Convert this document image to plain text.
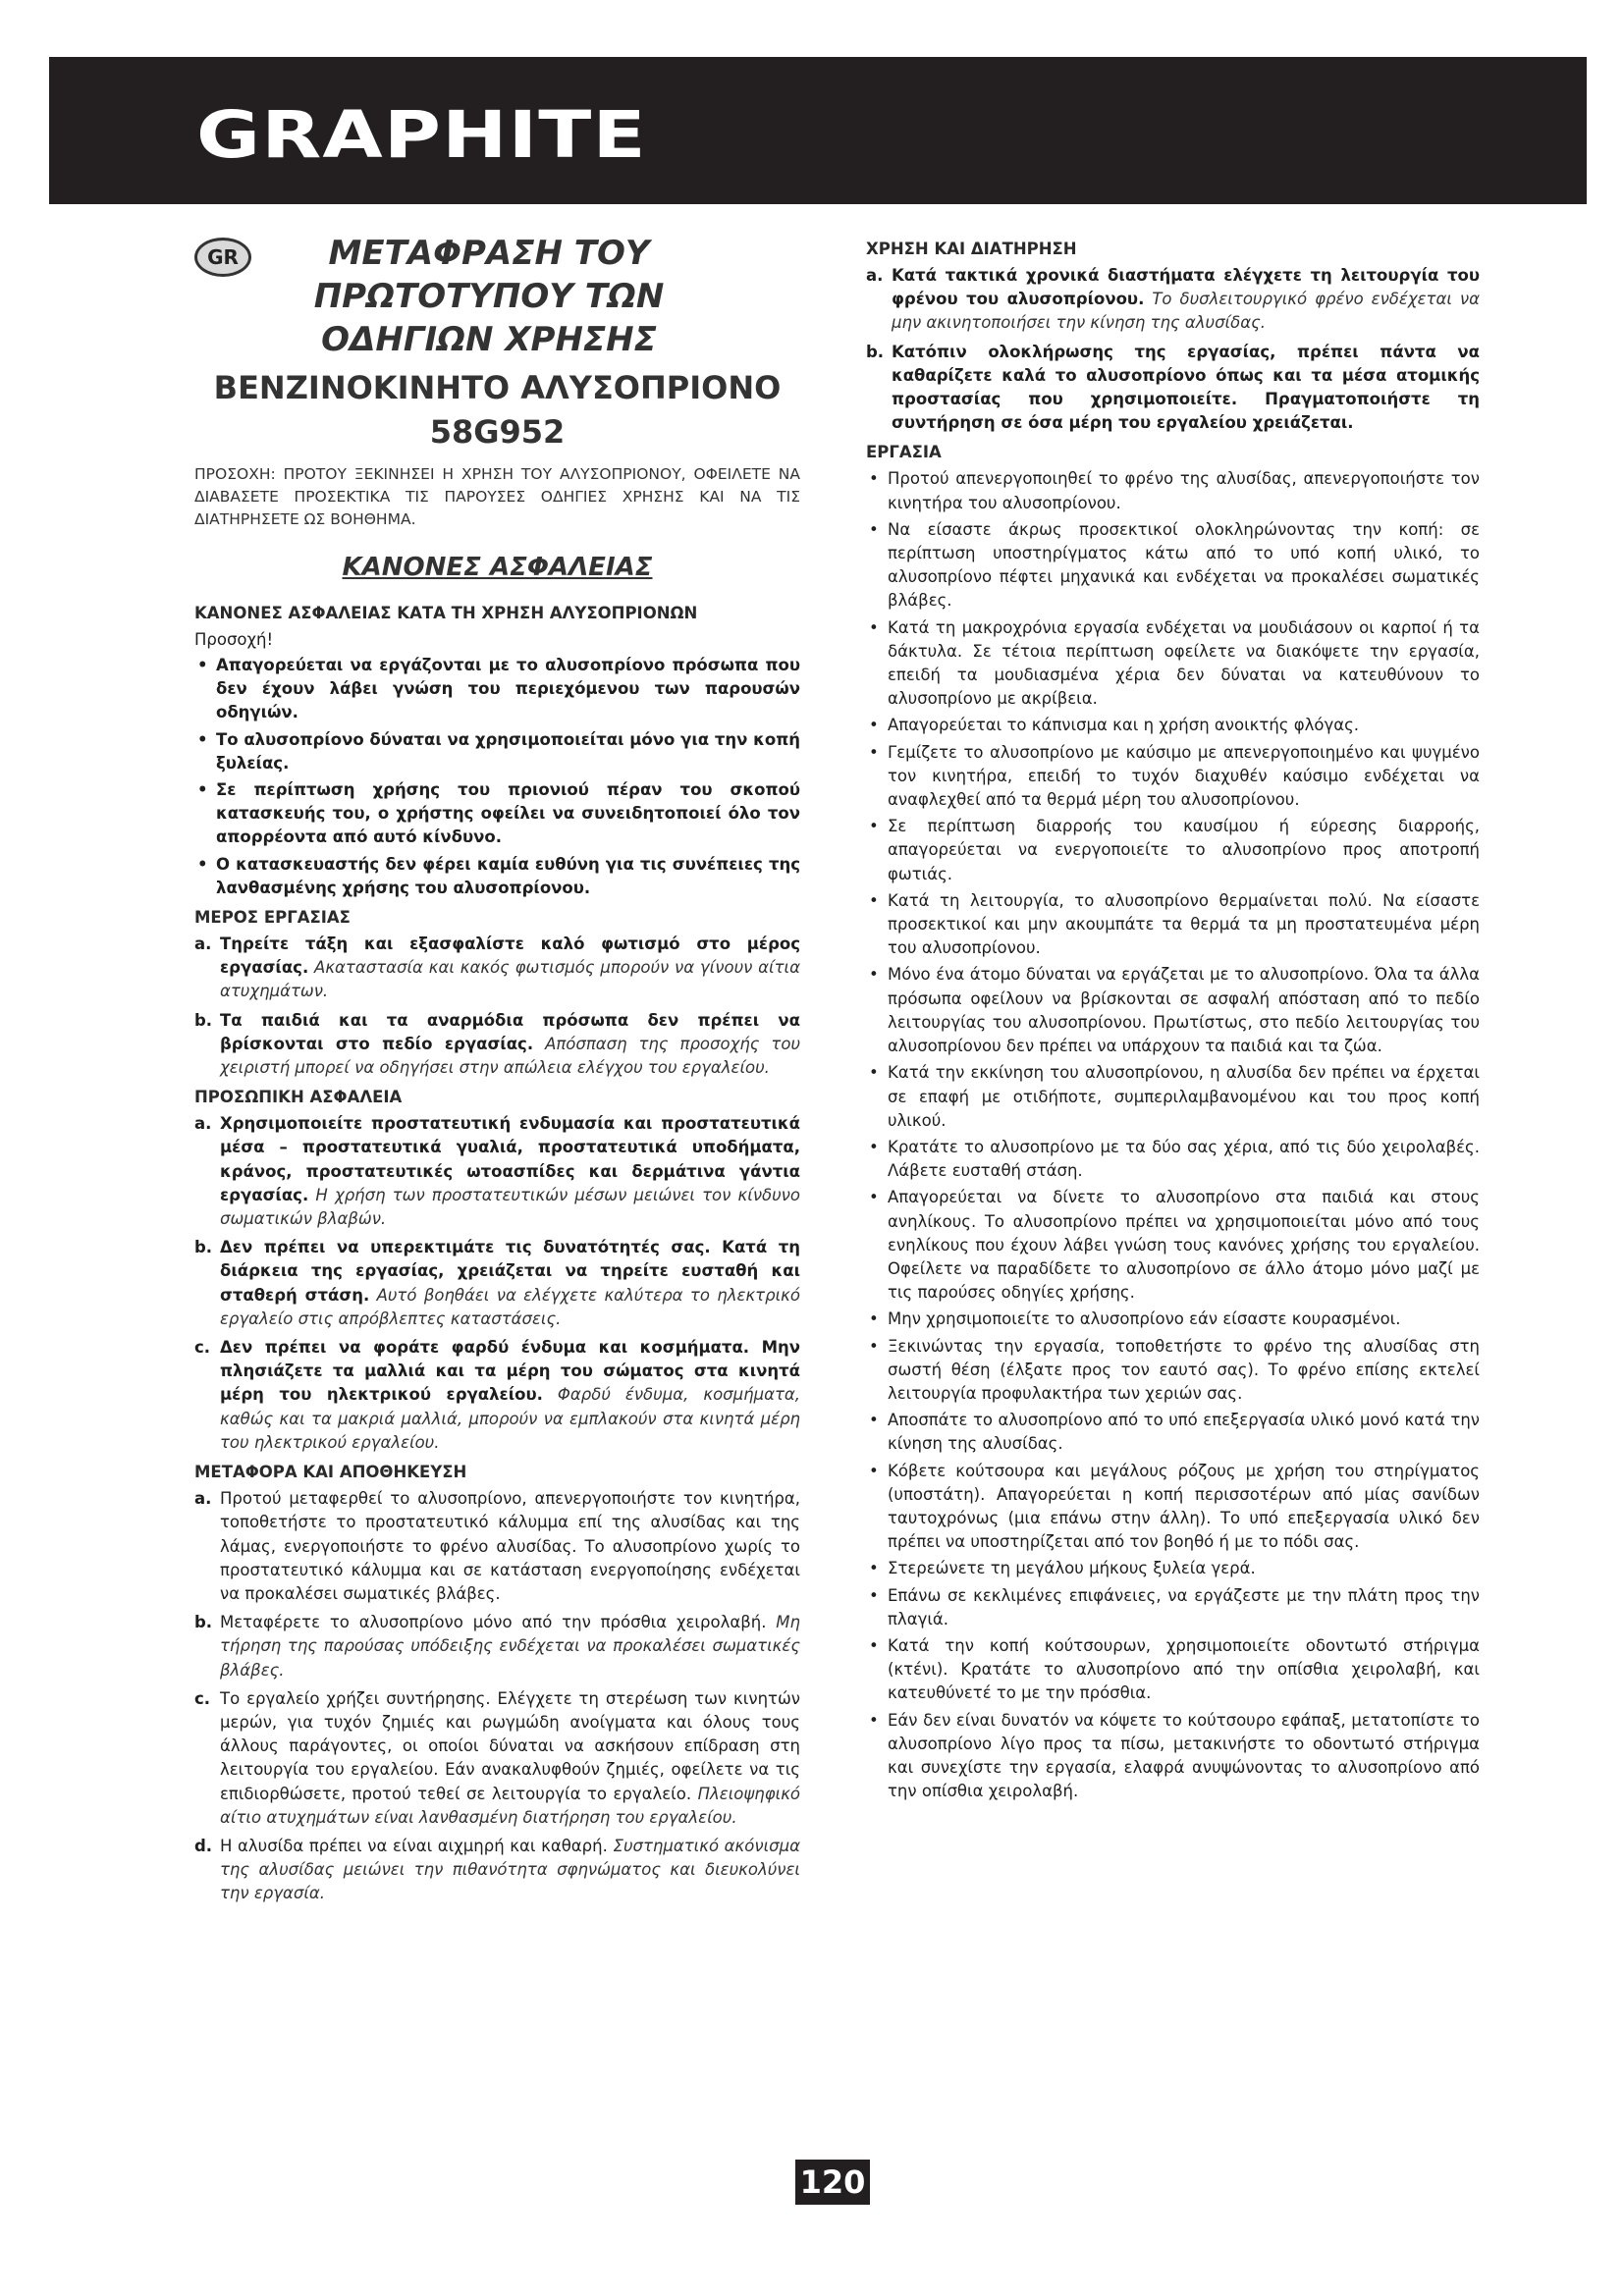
GRAPHITE
GR	ΜΕΤΑΦΡΑΣΗ ΤΟΥ
ΠΡΩΤΟΤΥΠΟΥ ΤΩΝ
ΟΔΗΓΙΩΝ ΧΡΗΣΗΣ
ΒΕΝΖΙΝΟΚΙΝΗΤΟ ΑΛΥΣΟΠΡΙΟΝΟ
58G952
ΠΡΟΣΟΧΗ: ΠΡΟΤΟΥ ΞΕΚΙΝΗΣΕΙ Η ΧΡΗΣΗ ΤΟΥ ΑΛΥΣΟΠΡΙΟΝΟΥ, ΟΦΕΙΛΕΤΕ ΝΑ ΔΙΑΒΑΣΕΤΕ ΠΡΟΣΕΚΤΙΚΑ ΤΙΣ ΠΑΡΟΥΣΕΣ ΟΔΗΓΙΕΣ ΧΡΗΣΗΣ ΚΑΙ ΝΑ ΤΙΣ ΔΙΑΤΗΡΗΣΕΤΕ ΩΣ ΒΟΗΘΗΜΑ.
ΚΑΝΟΝΕΣ ΑΣΦΑΛΕΙΑΣ
ΚΑΝΟΝΕΣ ΑΣΦΑΛΕΙΑΣ ΚΑΤΑ ΤΗ ΧΡΗΣΗ ΑΛΥΣΟΠΡΙΟΝΩΝ
Προσοχή!
• Απαγορεύεται να εργάζονται με το αλυσοπρίονο πρόσωπα που δεν έχουν λάβει γνώση του περιεχόμενου των παρουσών οδηγιών.
• Το αλυσοπρίονο δύναται να χρησιμοποιείται μόνο για την κοπή ξυλείας.
• Σε περίπτωση χρήσης του πριονιού πέραν του σκοπού κατασκευής του, ο χρήστης οφείλει να συνειδητοποιεί όλο τον απορρέοντα από αυτό κίνδυνο.
• Ο κατασκευαστής δεν φέρει καμία ευθύνη για τις συνέπειες της λανθασμένης χρήσης του αλυσοπρίονου.
ΜΕΡΟΣ ΕΡΓΑΣΙΑΣ
a. Τηρείτε τάξη και εξασφαλίστε καλό φωτισμό στο μέρος εργασίας. Ακαταστασία και κακός φωτισμός μπορούν να γίνουν αίτια ατυχημάτων.
b. Τα παιδιά και τα αναρμόδια πρόσωπα δεν πρέπει να βρίσκονται στο πεδίο εργασίας. Απόσπαση της προσοχής του χειριστή μπορεί να οδηγήσει στην απώλεια ελέγχου του εργαλείου.
ΠΡΟΣΩΠΙΚΗ ΑΣΦΑΛΕΙΑ
a. Χρησιμοποιείτε προστατευτική ενδυμασία και προστατευτικά μέσα – προστατευτικά γυαλιά, προστατευτικά υποδήματα, κράνος, προστατευτικές ωτοασπίδες και δερμάτινα γάντια εργασίας. Η χρήση των προστατευτικών μέσων μειώνει τον κίνδυνο σωματικών βλαβών.
b. Δεν πρέπει να υπερεκτιμάτε τις δυνατότητές σας. Κατά τη διάρκεια της εργασίας, χρειάζεται να τηρείτε ευσταθή και σταθερή στάση. Αυτό βοηθάει να ελέγχετε καλύτερα το ηλεκτρικό εργαλείο στις απρόβλεπτες καταστάσεις.
c. Δεν πρέπει να φοράτε φαρδύ ένδυμα και κοσμήματα. Μην πλησιάζετε τα μαλλιά και τα μέρη του σώματος στα κινητά μέρη του ηλεκτρικού εργαλείου. Φαρδύ ένδυμα, κοσμήματα, καθώς και τα μακριά μαλλιά, μπορούν να εμπλακούν στα κινητά μέρη του ηλεκτρικού εργαλείου.
ΜΕΤΑΦΟΡΑ ΚΑΙ ΑΠΟΘΗΚΕΥΣΗ
a. Προτού μεταφερθεί το αλυσοπρίονο, απενεργοποιήστε τον κινητήρα, τοποθετήστε το προστατευτικό κάλυμμα επί της αλυσίδας και της λάμας, ενεργοποιήστε το φρένο αλυσίδας. Το αλυσοπρίονο χωρίς το προστατευτικό κάλυμμα και σε κατάσταση ενεργοποίησης ενδέχεται να προκαλέσει σωματικές βλάβες.
b. Μεταφέρετε το αλυσοπρίονο μόνο από την πρόσθια χειρολαβή. Μη τήρηση της παρούσας υπόδειξης ενδέχεται να προκαλέσει σωματικές βλάβες.
c. Το εργαλείο χρήζει συντήρησης. Ελέγχετε τη στερέωση των κινητών μερών, για τυχόν ζημιές και ρωγμώδη ανοίγματα και όλους τους άλλους παράγοντες, οι οποίοι δύναται να ασκήσουν επίδραση στη λειτουργία του εργαλείου. Εάν ανακαλυφθούν ζημιές, οφείλετε να τις επιδιορθώσετε, προτού τεθεί σε λειτουργία το εργαλείο. Πλειοψηφικό αίτιο ατυχημάτων είναι λανθασμένη διατήρηση του εργαλείου.
d. Η αλυσίδα πρέπει να είναι αιχμηρή και καθαρή. Συστηματικό ακόνισμα της αλυσίδας μειώνει την πιθανότητα σφηνώματος και διευκολύνει την εργασία.
ΧΡΗΣΗ ΚΑΙ ΔΙΑΤΗΡΗΣΗ
a. Κατά τακτικά χρονικά διαστήματα ελέγχετε τη λειτουργία του φρένου του αλυσοπρίονου. Το δυσλειτουργικό φρένο ενδέχεται να μην ακινητοποιήσει την κίνηση της αλυσίδας.
b. Κατόπιν ολοκλήρωσης της εργασίας, πρέπει πάντα να καθαρίζετε καλά το αλυσοπρίονο όπως και τα μέσα ατομικής προστασίας που χρησιμοποιείτε. Πραγματοποιήστε τη συντήρηση σε όσα μέρη του εργαλείου χρειάζεται.
ΕΡΓΑΣΙΑ
• Προτού απενεργοποιηθεί το φρένο της αλυσίδας, απενεργοποιήστε τον κινητήρα του αλυσοπρίονου.
• Να είσαστε άκρως προσεκτικοί ολοκληρώνοντας την κοπή: σε περίπτωση υποστηρίγματος κάτω από το υπό κοπή υλικό, το αλυσοπρίονο πέφτει μηχανικά και ενδέχεται να προκαλέσει σωματικές βλάβες.
• Κατά τη μακροχρόνια εργασία ενδέχεται να μουδιάσουν οι καρποί ή τα δάκτυλα. Σε τέτοια περίπτωση οφείλετε να διακόψετε την εργασία, επειδή τα μουδιασμένα χέρια δεν δύναται να κατευθύνουν το αλυσοπρίονο με ακρίβεια.
• Απαγορεύεται το κάπνισμα και η χρήση ανοικτής φλόγας.
• Γεμίζετε το αλυσοπρίονο με καύσιμο με απενεργοποιημένο και ψυγμένο τον κινητήρα, επειδή το τυχόν διαχυθέν καύσιμο ενδέχεται να αναφλεχθεί από τα θερμά μέρη του αλυσοπρίονου.
• Σε περίπτωση διαρροής του καυσίμου ή εύρεσης διαρροής, απαγορεύεται να ενεργοποιείτε το αλυσοπρίονο προς αποτροπή φωτιάς.
• Κατά τη λειτουργία, το αλυσοπρίονο θερμαίνεται πολύ. Να είσαστε προσεκτικοί και μην ακουμπάτε τα θερμά τα μη προστατευμένα μέρη του αλυσοπρίονου.
• Μόνο ένα άτομο δύναται να εργάζεται με το αλυσοπρίονο. Όλα τα άλλα πρόσωπα οφείλουν να βρίσκονται σε ασφαλή απόσταση από το πεδίο λειτουργίας του αλυσοπρίονου. Πρωτίστως, στο πεδίο λειτουργίας του αλυσοπρίονου δεν πρέπει να υπάρχουν τα παιδιά και τα ζώα.
• Κατά την εκκίνηση του αλυσοπρίονου, η αλυσίδα δεν πρέπει να έρχεται σε επαφή με οτιδήποτε, συμπεριλαμβανομένου και του προς κοπή υλικού.
• Κρατάτε το αλυσοπρίονο με τα δύο σας χέρια, από τις δύο χειρολαβές. Λάβετε ευσταθή στάση.
• Απαγορεύεται να δίνετε το αλυσοπρίονο στα παιδιά και στους ανηλίκους. Το αλυσοπρίονο πρέπει να χρησιμοποιείται μόνο από τους ενηλίκους που έχουν λάβει γνώση τους κανόνες χρήσης του εργαλείου. Οφείλετε να παραδίδετε το αλυσοπρίονο σε άλλο άτομο μόνο μαζί με τις παρούσες οδηγίες χρήσης.
• Μην χρησιμοποιείτε το αλυσοπρίονο εάν είσαστε κουρασμένοι.
• Ξεκινώντας την εργασία, τοποθετήστε το φρένο της αλυσίδας στη σωστή θέση (έλξατε προς τον εαυτό σας). Το φρένο επίσης εκτελεί λειτουργία προφυλακτήρα των χεριών σας.
• Αποσπάτε το αλυσοπρίονο από το υπό επεξεργασία υλικό μονό κατά την κίνηση της αλυσίδας.
• Κόβετε κούτσουρα και μεγάλους ρόζους με χρήση του στηρίγματος (υποστάτη). Απαγορεύεται η κοπή περισσοτέρων από μίας σανίδων ταυτοχρόνως (μια επάνω στην άλλη). Το υπό επεξεργασία υλικό δεν πρέπει να υποστηρίζεται από τον βοηθό ή με το πόδι σας.
• Στερεώνετε τη μεγάλου μήκους ξυλεία γερά.
• Επάνω σε κεκλιμένες επιφάνειες, να εργάζεστε με την πλάτη προς την πλαγιά.
• Κατά την κοπή κούτσουρων, χρησιμοποιείτε οδοντωτό στήριγμα (κτένι). Κρατάτε το αλυσοπρίονο από την οπίσθια χειρολαβή, και κατευθύνετέ το με την πρόσθια.
• Εάν δεν είναι δυνατόν να κόψετε το κούτσουρο εφάπαξ, μετατοπίστε το αλυσοπρίονο λίγο προς τα πίσω, μετακινήστε το οδοντωτό στήριγμα και συνεχίστε την εργασία, ελαφρά ανυψώνοντας το αλυσοπρίονο από την οπίσθια χειρολαβή.
120
